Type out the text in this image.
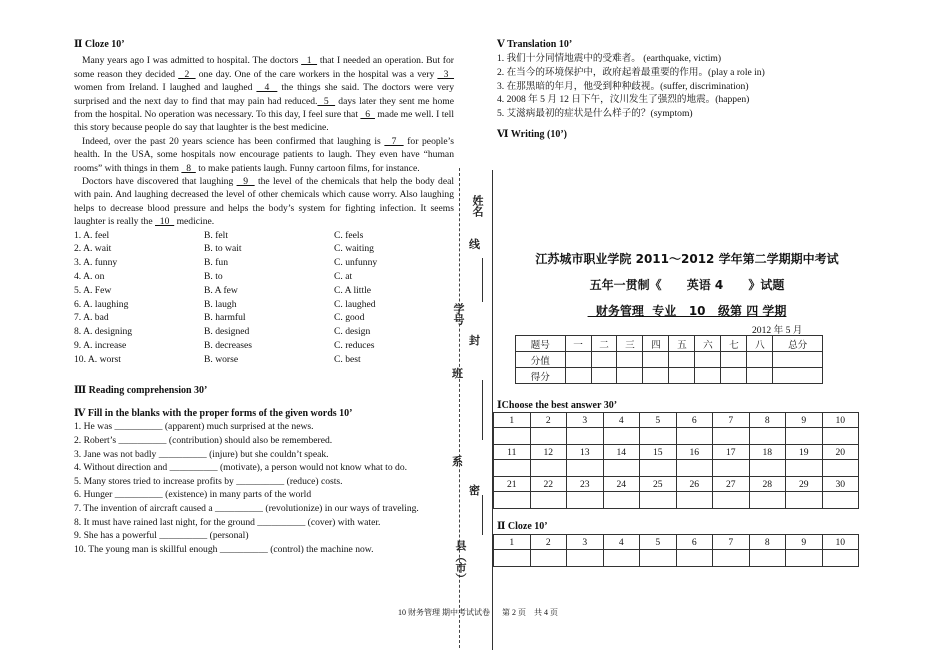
Ⅱ Cloze 10’

Many years ago I was admitted to hospital. The doctors   1   that I needed an operation. But for some reason they decided   2   one day. One of the care workers in the hospital was a very   3   women from Ireland. I laughed and laughed   4   the things she said. The doctors were very surprised and the next day to find that may pain had reduced.  5   days later they sent me home from the hospital. No operation was necessary. To this day, I feel sure that   6   made me well. I tell this story because people do say that laughter is the best medicine.

Indeed, over the past 20 years science has been confirmed that laughing is   7   for people’s health. In the USA, some hospitals now encourage patients to laugh. They even have “human rooms” with things in them   8   to make patients laugh. Funny cartoon films, for instance.

Doctors have discovered that laughing   9   the level of the chemicals that help the body deal with pain. And laughing decreased the level of other chemicals which cause worry. Also laughing helps to decrease blood pressure and helps the body’s system for fighting infection. It seems laughter is really the   10   medicine.

1. A. feel	B. felt	C. feels
2. A. wait	B. to wait	C. waiting
3. A. funny	B. fun	C. unfunny
4. A. on	B. to	C. at
5. A. Few	B. A few	C. A little
6. A. laughing	B. laugh	C. laughed
7. A. bad	B. harmful	C. good
8. A. designing	B. designed	C. design
9. A. increase	B. decreases	C. reduces
10. A. worst	B. worse	C. best
Ⅲ Reading comprehension 30’
Ⅳ Fill in the blanks with the proper forms of the given words 10’
1. He was __________ (apparent) much surprised at the news.
2. Robert’s __________ (contribution) should also be remembered.
3. Jane was not badly __________ (injure) but she couldn’t speak.
4. Without direction and __________ (motivate), a person would not know what to do.
5. Many stores tried to increase profits by __________ (reduce) costs.
6. Hunger __________ (existence) in many parts of the world
7. The invention of aircraft caused a __________ (revolutionize) in our ways of traveling.
8. It must have rained last night, for the ground __________ (cover) with water.
9. She has a powerful __________ (personal)
10. The young man is skillful enough __________ (control) the machine now.
姓名
线
学号
封
班
系
密
县（市）
Ⅴ Translation 10’
1. 我们十分同情地震中的受难者。 (earthquake, victim)
2. 在当今的环境保护中，政府起着最重要的作用。(play a role in)
3. 在那黑暗的年月，他受到种种歧视。(suffer, discrimination)
4. 2008 年 5 月 12 日下午，汶川发生了强烈的地震。(happen)
5. 艾滋病最初的症状是什么样子的？(symptom)
Ⅵ Writing (10’)
江苏城市职业学院 2011～2012 学年第二学期期中考试
五年一贯制《      英语 4      》试题
财务管理  专业   10   级第 四 学期
2012 年 5 月
题号	一	二	三	四	五	六	七	八	总分
分值									
得分									
ⅠChoose the best answer 30’
1	2	3	4	5	6	7	8	9	10

11	12	13	14	15	16	17	18	19	20

21	22	23	24	25	26	27	28	29	30

Ⅱ Cloze 10’
1	2	3	4	5	6	7	8	9	10

10 财务管理 期中考试试卷      第 2 页    共 4 页
